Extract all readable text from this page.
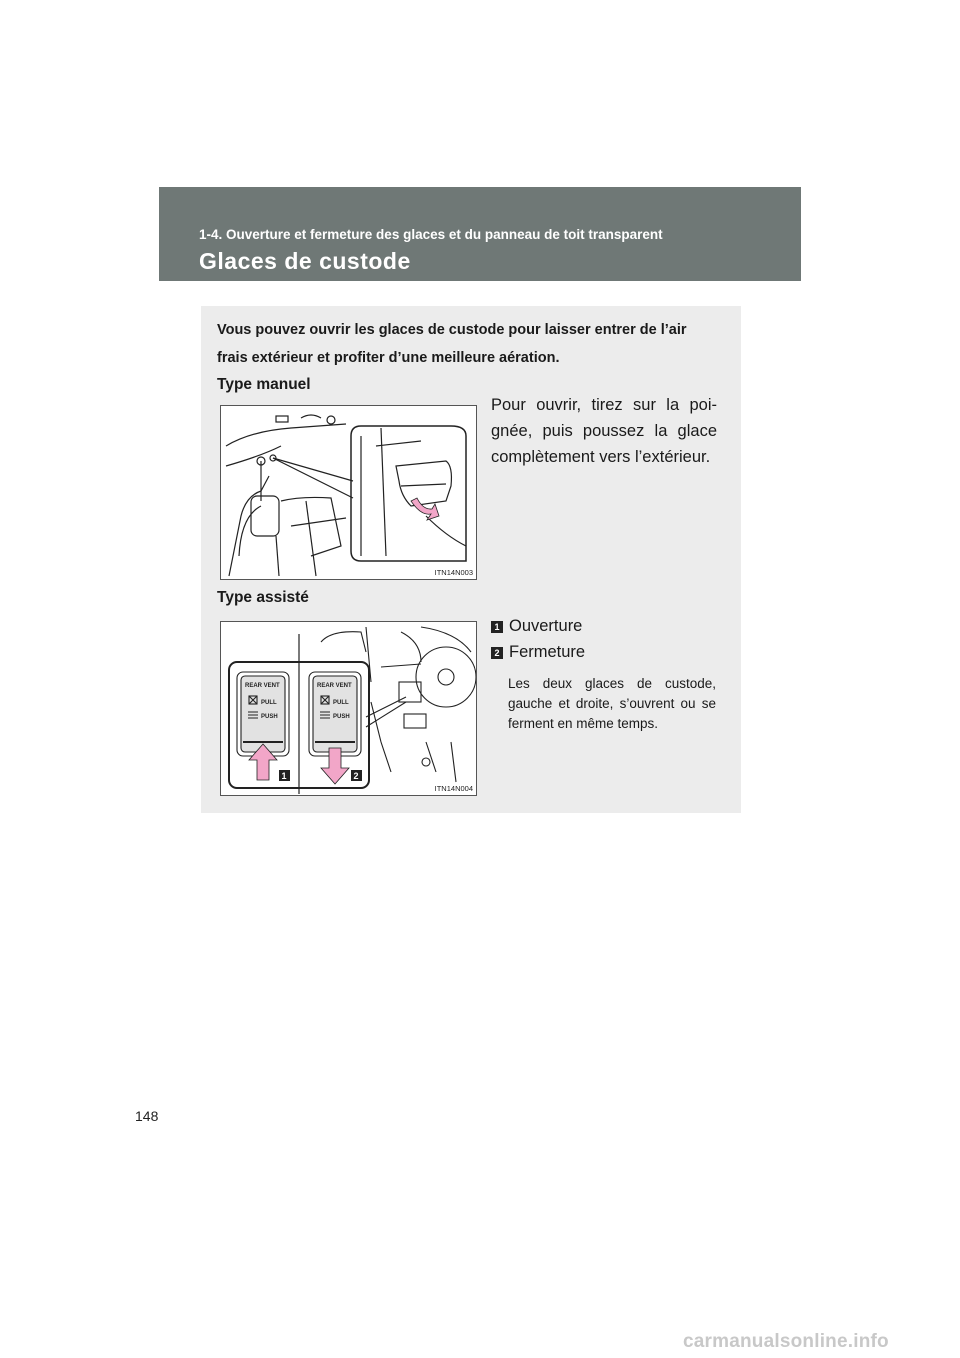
1-4. Ouverture et fermeture des glaces et du panneau de toit transparent
Glaces de custode
Vous pouvez ouvrir les glaces de custode pour laisser entrer de l’air frais extérieur et profiter d’une meilleure aération.
Type manuel
ITN14N003
Pour ouvrir, tirez sur la poi-gnée, puis poussez la glace complètement vers l’extérieur.
Type assisté
REAR VENT
PULL
PUSH
REAR VENT
PULL
PUSH
1	2
ITN14N004
1 Ouverture
2 Fermeture
Les deux glaces de custode, gauche et droite, s’ouvrent ou se ferment en même temps.
148
carmanualsonline.info
